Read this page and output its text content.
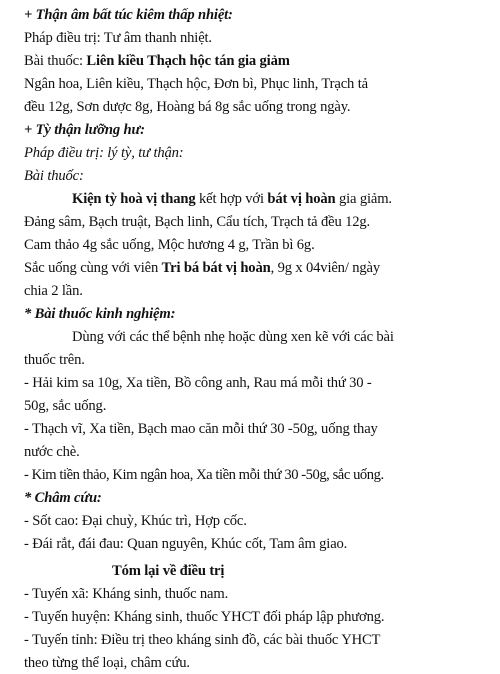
+ Thận âm bất túc kiêm thấp nhiệt:
Pháp điều trị: Tư âm thanh nhiệt.
Bài thuốc: Liên kiều Thạch hộc tán gia giảm
Ngân hoa, Liên kiều, Thạch hộc, Đơn bì, Phục linh, Trạch tả
đều 12g, Sơn dược 8g, Hoàng bá 8g sắc uống trong ngày.
+ Tỳ thận lưỡng hư:
Pháp điều trị: lý tỳ, tư thận:
Bài thuốc:
Kiện tỳ hoà vị thang kết hợp với bát vị hoàn gia giảm.
Đảng sâm, Bạch truật, Bạch linh, Cẩu tích, Trạch tả đều 12g.
Cam thảo 4g sắc uống, Mộc hương 4 g, Trần bì 6g.
Sắc uống cùng với viên Tri bá bát vị hoàn, 9g x 04viên/ ngày
chia 2 lần.
* Bài thuốc kinh nghiệm:
Dùng với các thể bệnh nhẹ hoặc dùng xen kẽ với các bài
thuốc trên.
- Hải kim sa 10g, Xa tiền, Bồ công anh, Rau má mỗi thứ 30 -
50g, sắc uống.
- Thạch vĩ, Xa tiền, Bạch mao căn mỗi thứ 30 -50g, uống thay
nước chè.
- Kim tiền thảo, Kim ngân hoa, Xa tiền mỗi thứ 30 -50g, sắc uống.
* Châm cứu:
- Sốt cao: Đại chuỳ, Khúc trì, Hợp cốc.
- Đái rắt, đái đau: Quan nguyên, Khúc cốt, Tam âm giao.
Tóm lại về điều trị
- Tuyến xã: Kháng sinh, thuốc nam.
- Tuyến huyện: Kháng sinh, thuốc YHCT đối pháp lập phương.
- Tuyến tỉnh: Điều trị theo kháng sinh đồ, các bài thuốc YHCT
theo từng thể loại, châm cứu.
